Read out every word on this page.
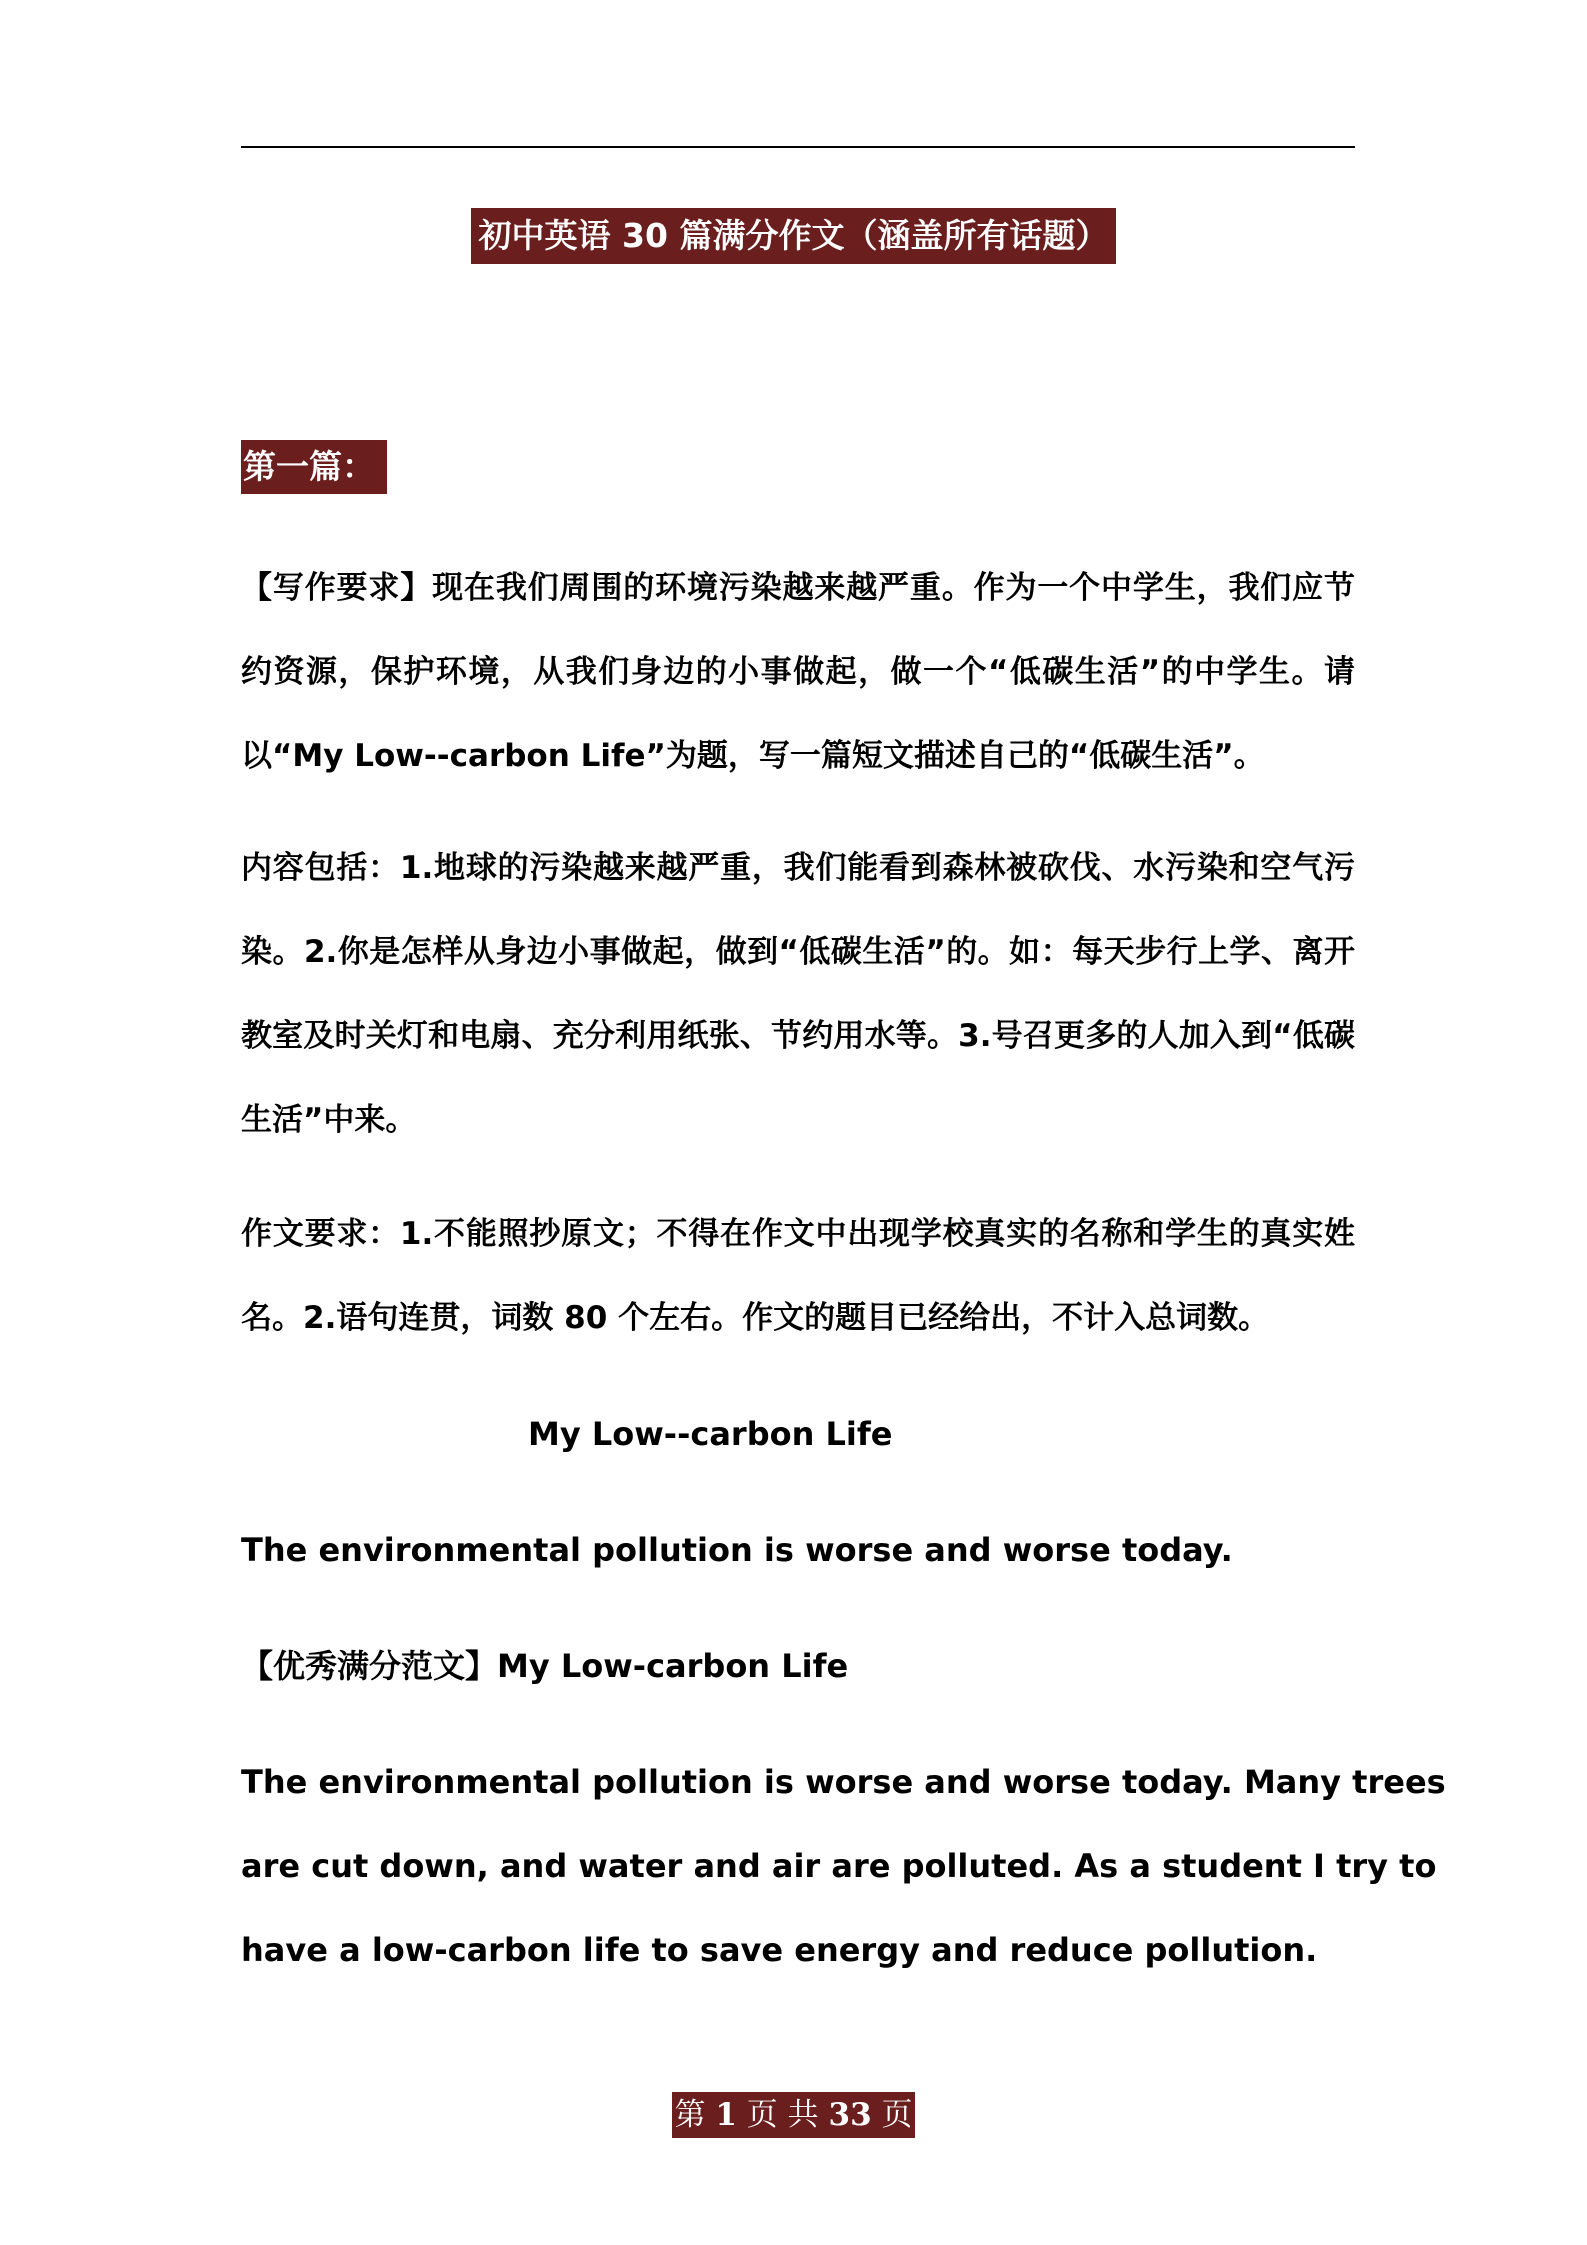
初中英语 30 篇满分作文（涵盖所有话题）
第一篇：

【写作要求】现在我们周围的环境污染越来越严重。作为一个中学生，我们应节约资源，保护环境，从我们身边的小事做起，做一个“低碳生活”的中学生。请以“My Low--carbon Life”为题，写一篇短文描述自己的“低碳生活”。

内容包括：1.地球的污染越来越严重，我们能看到森林被砍伐、水污染和空气污染。2.你是怎样从身边小事做起，做到“低碳生活”的。如：每天步行上学、离开教室及时关灯和电扇、充分利用纸张、节约用水等。3.号召更多的人加入到“低碳生活”中来。

作文要求：1.不能照抄原文；不得在作文中出现学校真实的名称和学生的真实姓名。2.语句连贯，词数 80 个左右。作文的题目已经给出，不计入总词数。

My Low--carbon Life
The environmental pollution is worse and worse today.
【优秀满分范文】My Low-carbon Life
The environmental pollution is worse and worse today. Many trees
are cut down, and water and air are polluted. As a student I try to
have a low-carbon life to save energy and reduce pollution.
第 1 页 共 33 页
